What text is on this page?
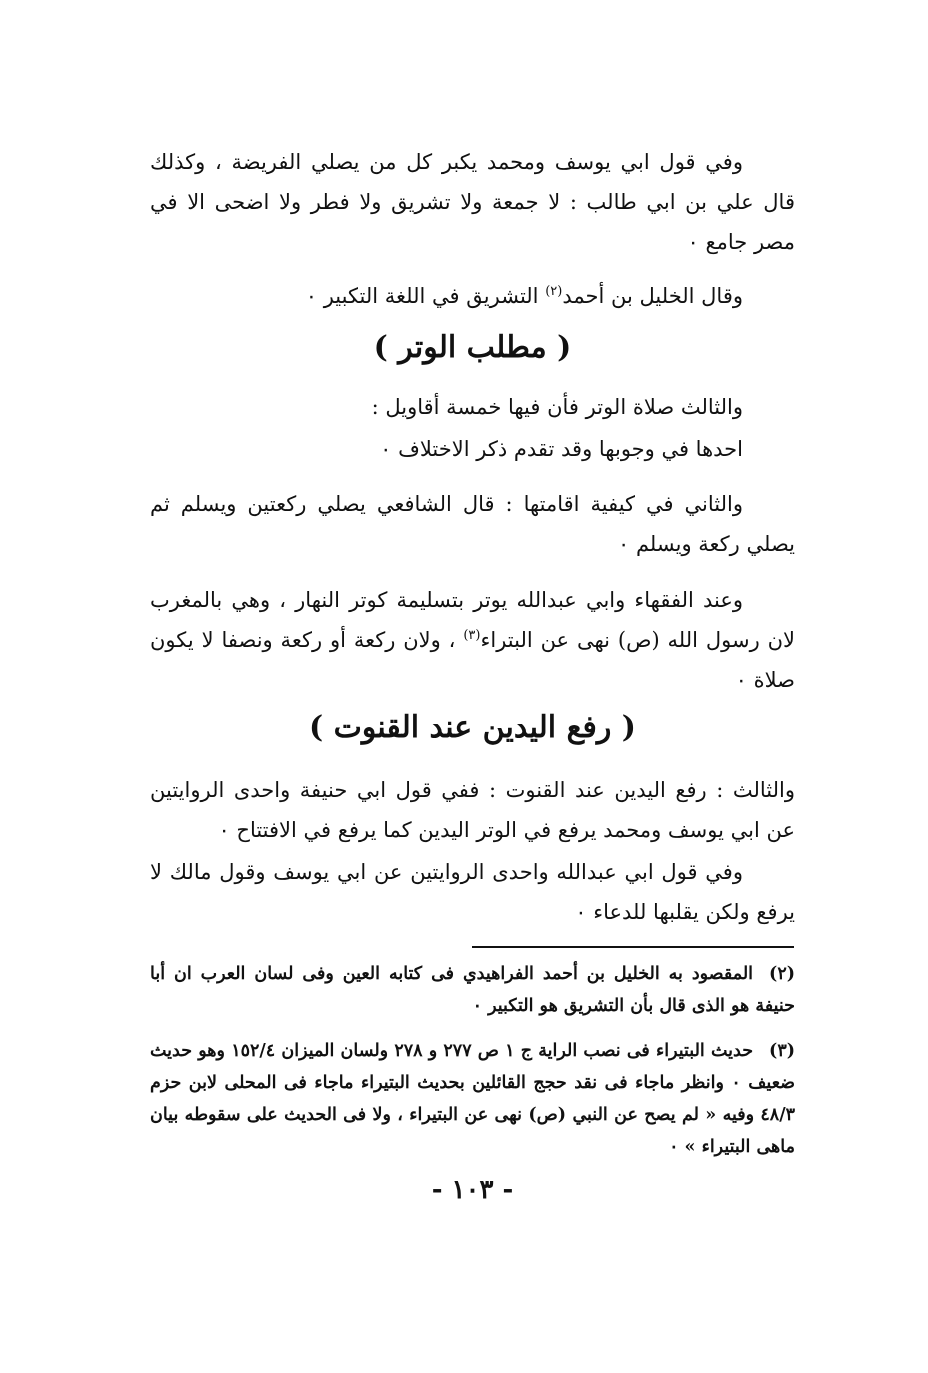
وفي قول ابي يوسف ومحمد يكبر كل من يصلي الفريضة ، وكذلك قال علي بن ابي طالب : لا جمعة ولا تشريق ولا فطر ولا اضحى الا في مصر جامع ٠

وقال الخليل بن أحمد$^{(٢)}$ التشريق في اللغة التكبير ٠

( مطلب الوتر )

والثالث صلاة الوتر فأن فيها خمسة أقاويل :

احدها في وجوبها وقد تقدم ذكر الاختلاف ٠

والثاني في كيفية اقامتها : قال الشافعي يصلي ركعتين ويسلم ثم يصلي ركعة ويسلم ٠

وعند الفقهاء وابي عبدالله يوتر بتسليمة كوتر النهار ، وهي بالمغرب لان رسول الله (ص) نهى عن البتراء$^{(٣)}$ ، ولان ركعة أو ركعة ونصفا لا يكون صلاة ٠

( رفع اليدين عند القنوت )

والثالث : رفع اليدين عند القنوت : ففي قول ابي حنيفة واحدى الروايتين عن ابي يوسف ومحمد يرفع في الوتر اليدين كما يرفع في الافتتاح ٠

وفي قول ابي عبدالله واحدى الروايتين عن ابي يوسف وقول مالك لا يرفع ولكن يقلبها للدعاء ٠

(٢)المقصود به الخليل بن أحمد الفراهيدي فى كتابه العين وفى لسان العرب ان أبا حنيفة هو الذى قال بأن التشريق هو التكبير ٠

(٣)حديث البتيراء فى نصب الراية ج ١ ص ٢٧٧ و ٢٧٨ ولسان الميزان ١٥٢/٤ وهو حديث ضعيف ٠ وانظر ماجاء فى نقد حجج القائلين بحديث البتيراء ماجاء فى المحلى لابن حزم ٤٨/٣ وفيه « لم يصح عن النبي (ص) نهى عن البتيراء ، ولا فى الحديث على سقوطه بيان ماهى البتيراء » ٠

- ١٠٣ -
